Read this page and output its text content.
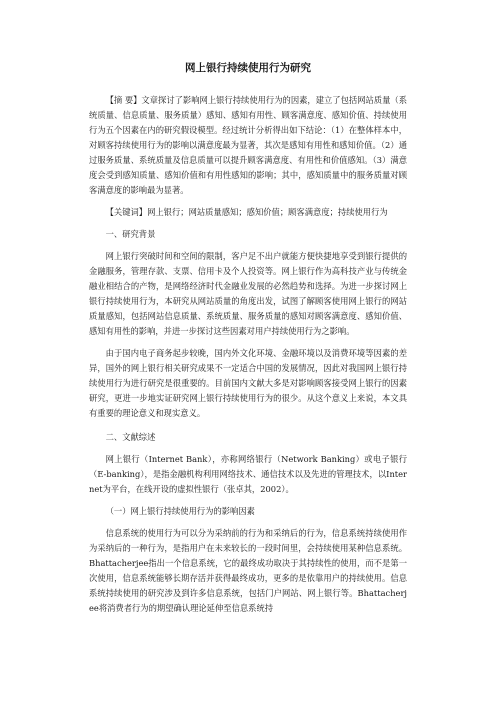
网上银行持续使用行为研究

【摘 要】文章探讨了影响网上银行持续使用行为的因素，建立了包括网站质量（系统质量、信息质量、服务质量）感知、感知有用性、顾客满意度、感知价值、持续使用行为五个因素在内的研究假设模型。经过统计分析得出如下结论：（1）在整体样本中，对顾客持续使用行为的影响以满意度最为显著，其次是感知有用性和感知价值。（2）通过服务质量、系统质量及信息质量可以提升顾客满意度、有用性和价值感知。（3）满意度会受到感知质量、感知价值和有用性感知的影响；其中，感知质量中的服务质量对顾客满意度的影响最为显著。

【关键词】网上银行；网站质量感知；感知价值；顾客满意度；持续使用行为

一、研究背景

网上银行突破时间和空间的限制，客户足不出户就能方便快捷地享受到银行提供的金融服务，管理存款、支票、信用卡及个人投资等。网上银行作为高科技产业与传统金融业相结合的产物，是网络经济时代金融业发展的必然趋势和选择。为进一步探讨网上银行持续使用行为，本研究从网站质量的角度出发，试图了解顾客使用网上银行的网站质量感知，包括网站信息质量、系统质量、服务质量的感知对顾客满意度、感知价值、感知有用性的影响，并进一步探讨这些因素对用户持续使用行为之影响。

由于国内电子商务起步较晚，国内外文化环境、金融环境以及消费环境等因素的差异，国外的网上银行相关研究成果不一定适合中国的发展情况，因此对我国网上银行持续使用行为进行研究是很重要的。目前国内文献大多是对影响顾客接受网上银行的因素研究，更进一步地实证研究网上银行持续使用行为的很少。从这个意义上来说，本文具有重要的理论意义和现实意义。

二、文献综述

网上银行（Internet Bank），亦称网络银行（Network Banking）或电子银行（E-banking），是指金融机构利用网络技术、通信技术以及先进的管理技术，以Internet为平台，在线开设的虚拟性银行（张卓其，2002）。

（一）网上银行持续使用行为的影响因素

信息系统的使用行为可以分为采纳前的行为和采纳后的行为，信息系统持续使用作为采纳后的一种行为，是指用户在未来较长的一段时间里，会持续使用某种信息系统。Bhattacherjee指出一个信息系统，它的最终成功取决于其持续性的使用，而不是第一次使用，信息系统能够长期存活并获得最终成功，更多的是依靠用户的持续使用。信息系统持续使用的研究涉及到许多信息系统，包括门户网站、网上银行等。Bhattacherjee将消费者行为的期望确认理论延伸至信息系统持
